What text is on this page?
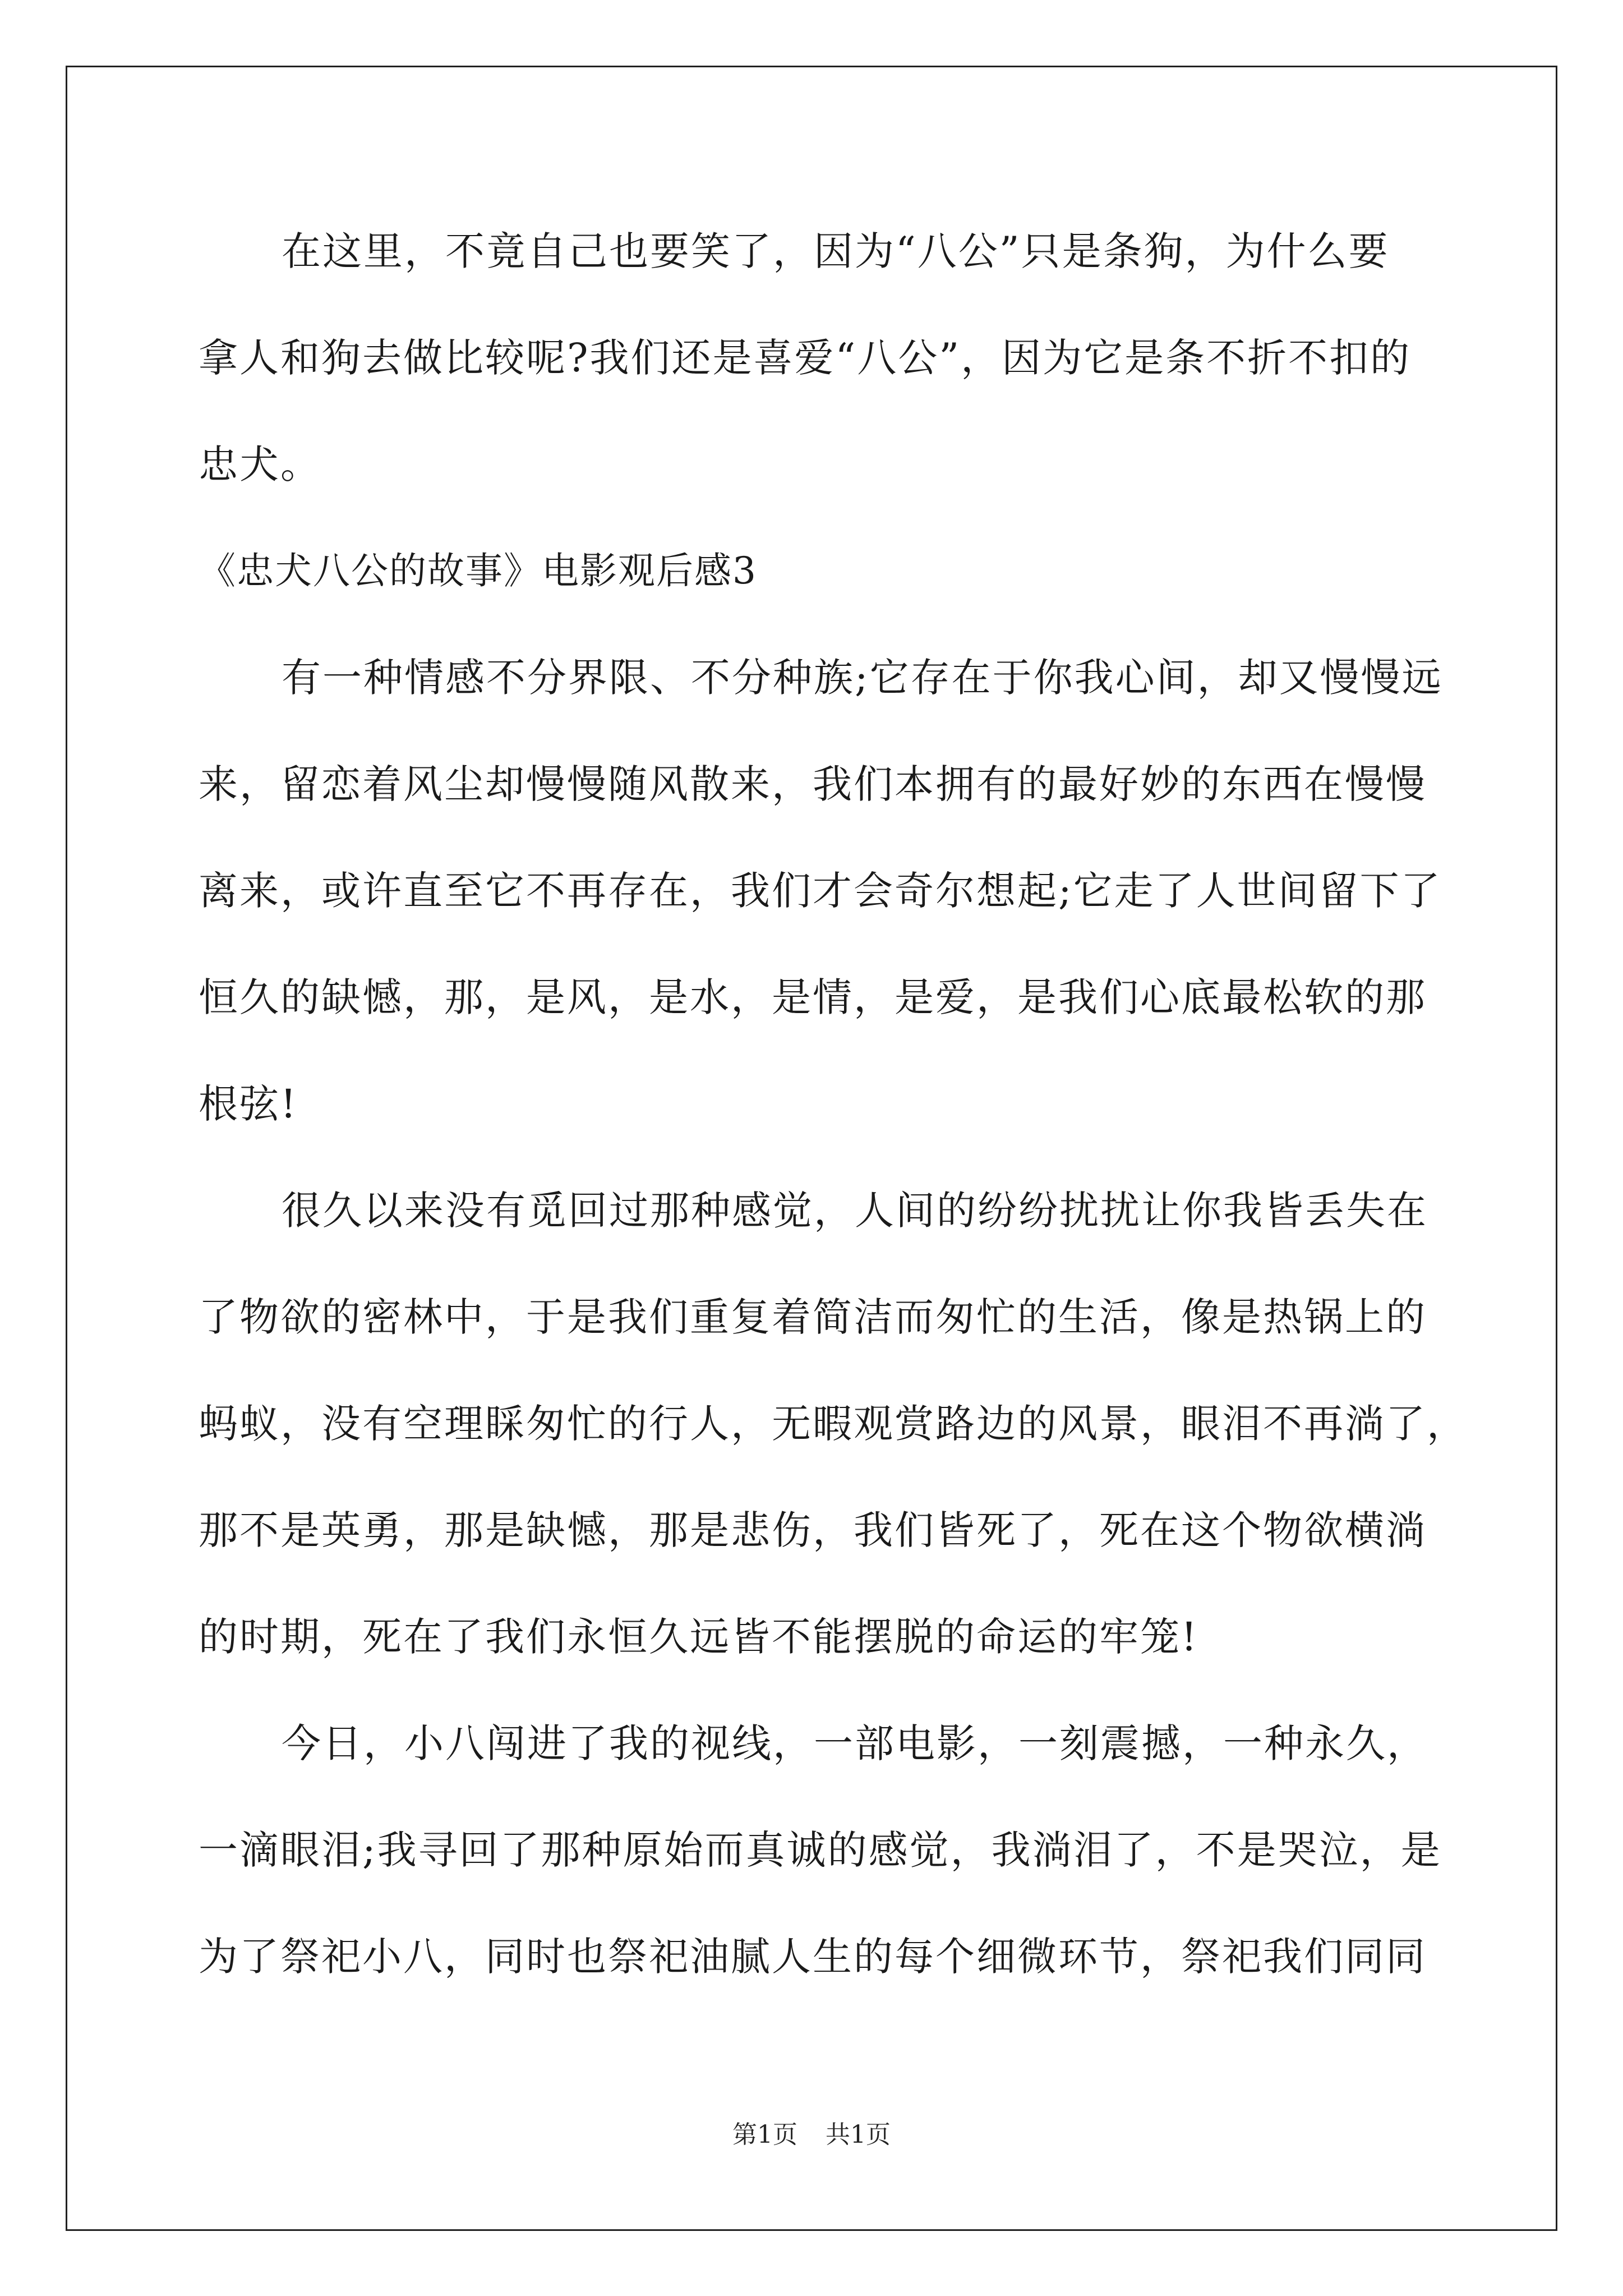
在这里，不竟自己也要笑了，因为“八公”只是条狗，为什么要
拿人和狗去做比较呢?我们还是喜爱“八公”，因为它是条不折不扣的
忠犬。
《忠犬八公的故事》电影观后感3
有一种情感不分界限、不分种族;它存在于你我心间，却又慢慢远
来，留恋着风尘却慢慢随风散来，我们本拥有的最好妙的东西在慢慢
离来，或许直至它不再存在，我们才会奇尔想起;它走了人世间留下了
恒久的缺憾，那，是风，是水，是情，是爱，是我们心底最松软的那
根弦!
很久以来没有觅回过那种感觉，人间的纷纷扰扰让你我皆丢失在
了物欲的密林中，于是我们重复着简洁而匆忙的生活，像是热锅上的
蚂蚁，没有空理睬匆忙的行人，无暇观赏路边的风景，眼泪不再淌了，
那不是英勇，那是缺憾，那是悲伤，我们皆死了，死在这个物欲横淌
的时期，死在了我们永恒久远皆不能摆脱的命运的牢笼!
今日，小八闯进了我的视线，一部电影，一刻震撼，一种永久，
一滴眼泪;我寻回了那种原始而真诚的感觉，我淌泪了，不是哭泣，是
为了祭祀小八，同时也祭祀油腻人生的每个细微环节，祭祀我们同同
第1页 共1页
